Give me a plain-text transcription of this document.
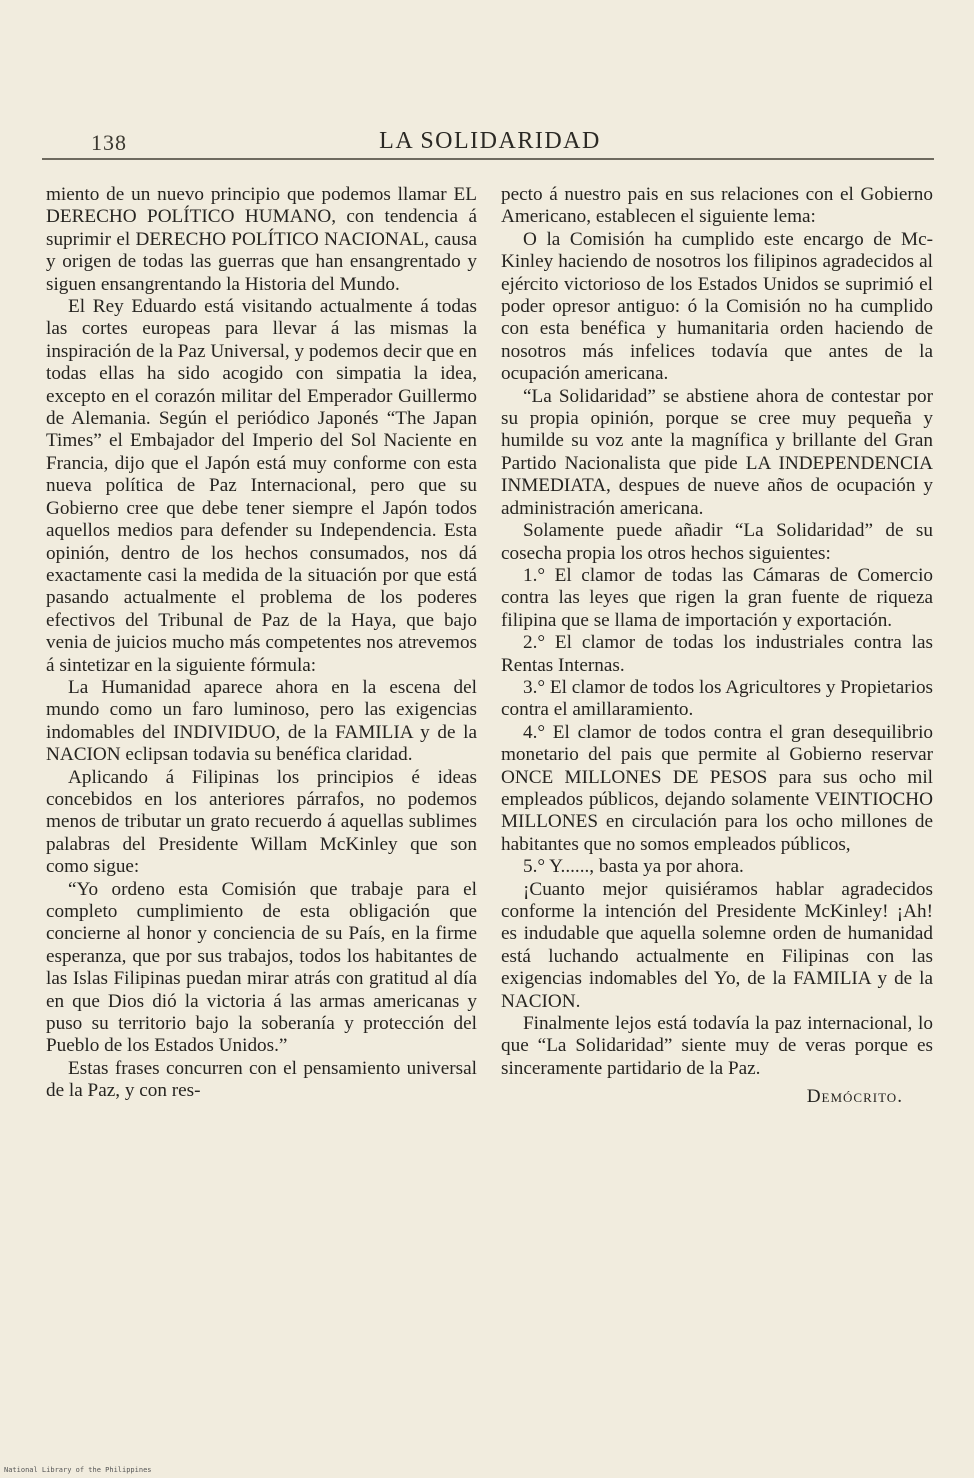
138	LA SOLIDARIDAD

miento de un nuevo principio que podemos llamar EL DERECHO POLÍTICO HUMANO, con tendencia á suprimir el DERECHO POLÍTICO NACIONAL, causa y origen de todas las guerras que han ensangrentado y siguen ensangrentando la Historia del Mundo.

El Rey Eduardo está visitando actualmente á todas las cortes europeas para llevar á las mismas la inspiración de la Paz Universal, y podemos decir que en todas ellas ha sido acogido con simpatia la idea, excepto en el corazón militar del Emperador Guillermo de Alemania. Según el periódico Japonés “The Japan Times” el Embajador del Imperio del Sol Naciente en Francia, dijo que el Japón está muy conforme con esta nueva política de Paz Internacional, pero que su Gobierno cree que debe tener siempre el Japón todos aquellos medios para defender su Independencia. Esta opinión, dentro de los hechos consumados, nos dá exactamente casi la medida de la situación por que está pasando actualmente el problema de los poderes efectivos del Tribunal de Paz de la Haya, que bajo venia de juicios mucho más competentes nos atrevemos á sintetizar en la siguiente fórmula:

La Humanidad aparece ahora en la escena del mundo como un faro luminoso, pero las exigencias indomables del INDIVIDUO, de la FAMILIA y de la NACION eclipsan todavia su benéfica claridad.

Aplicando á Filipinas los principios é ideas concebidos en los anteriores párrafos, no podemos menos de tributar un grato recuerdo á aquellas sublimes palabras del Presidente Willam McKinley que son como sigue:

“Yo ordeno esta Comisión que trabaje para el completo cumplimiento de esta obligación que concierne al honor y conciencia de su País, en la firme esperanza, que por sus trabajos, todos los habitantes de las Islas Filipinas puedan mirar atrás con gratitud al día en que Dios dió la victoria á las armas americanas y puso su territorio bajo la soberanía y protección del Pueblo de los Estados Unidos.”

Estas frases concurren con el pensamiento universal de la Paz, y con res-

pecto á nuestro pais en sus relaciones con el Gobierno Americano, establecen el siguiente lema:

O la Comisión ha cumplido este encargo de Mc-Kinley haciendo de nosotros los filipinos agradecidos al ejército victorioso de los Estados Unidos se suprimió el poder opresor antiguo: ó la Comisión no ha cumplido con esta benéfica y humanitaria orden haciendo de nosotros más infelices todavía que antes de la ocupación americana.

“La Solidaridad” se abstiene ahora de contestar por su propia opinión, porque se cree muy pequeña y humilde su voz ante la magnífica y brillante del Gran Partido Nacionalista que pide LA INDEPENDENCIA INMEDIATA, despues de nueve años de ocupación y administración americana.

Solamente puede añadir “La Solidaridad” de su cosecha propia los otros hechos siguientes:

1.° El clamor de todas las Cámaras de Comercio contra las leyes que rigen la gran fuente de riqueza filipina que se llama de importación y exportación.

2.° El clamor de todas los industriales contra las Rentas Internas.

3.° El clamor de todos los Agricultores y Propietarios contra el amillaramiento.

4.° El clamor de todos contra el gran desequilibrio monetario del pais que permite al Gobierno reservar ONCE MILLONES DE PESOS para sus ocho mil empleados públicos, dejando solamente VEINTIOCHO MILLONES en circulación para los ocho millones de habitantes que no somos empleados públicos,

5.° Y......, basta ya por ahora.

¡Cuanto mejor quisiéramos hablar agradecidos conforme la intención del Presidente McKinley! ¡Ah! es indudable que aquella solemne orden de humanidad está luchando actualmente en Filipinas con las exigencias indomables del Yo, de la FAMILIA y de la NACION.

Finalmente lejos está todavía la paz internacional, lo que “La Solidaridad” siente muy de veras porque es sinceramente partidario de la Paz.

Demócrito.
National Library of the Philippines
